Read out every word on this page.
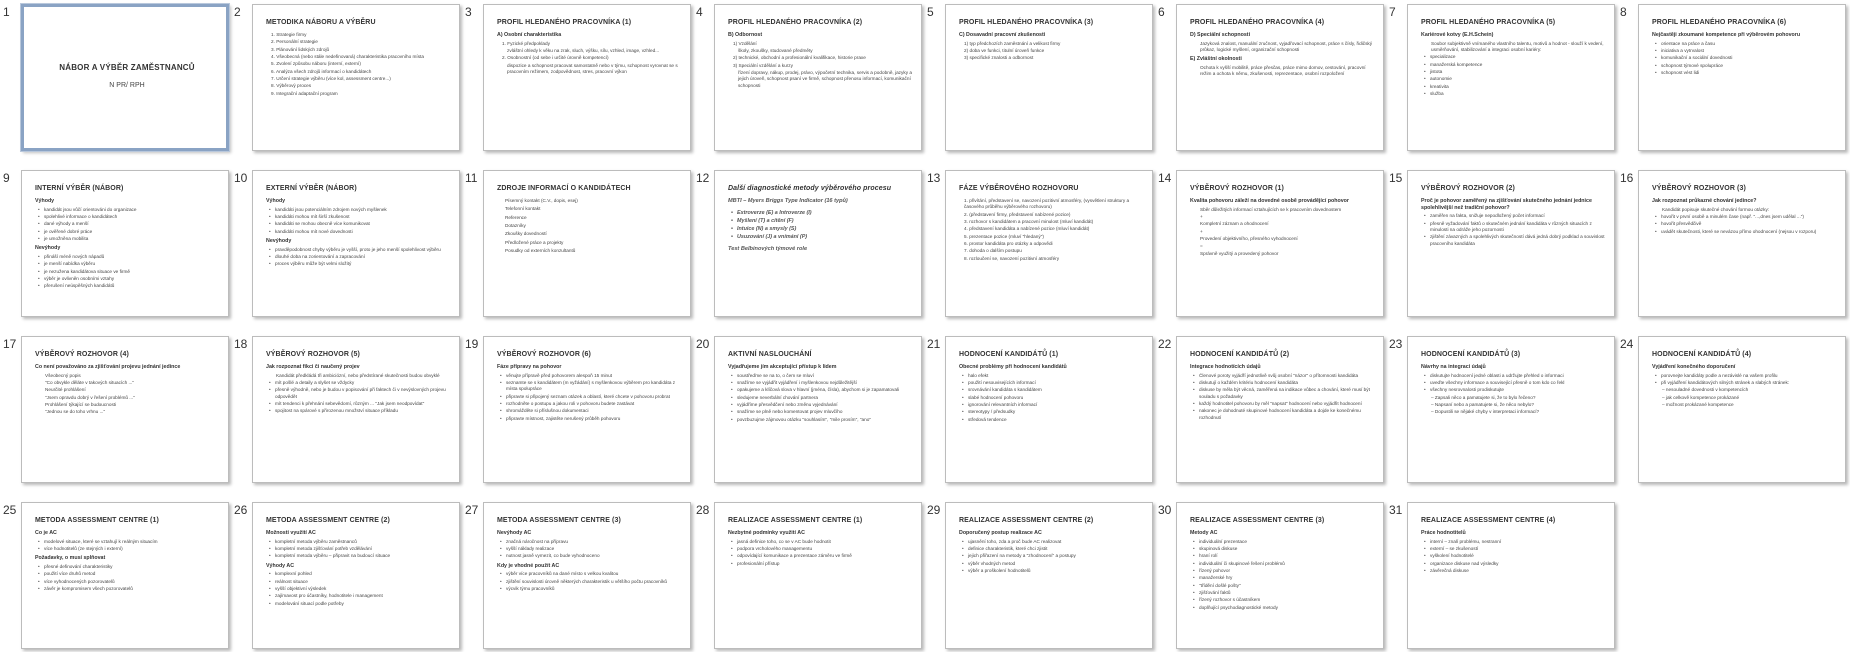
1
NÁBOR A VÝBĚR ZAMĚSTNANCŮ
N PR/ RPH
2
METODIKA NÁBORU A VÝBĚRU
1. Strategie firmy
2. Personální strategie
3. Plánování lidských zdrojů
4. Všeobecná (nebo stále nedefinovaná) charakteristika pracovního místa
5. Zvolení způsobu náboru (interní, externí)
6. Analýza všech zdrojů informací o kandidátech
7. Určení strategie výběru (více kol, assessment centre...)
8. Výběrový proces
9. Integrační adaptační program
3
PROFIL HLEDANÉHO PRACOVNÍKA (1)
A) Osobní charakteristika
1. Fyzické předpoklady
zvláštní ohledy k věku na zrak, sluch, výšku, sílu, vzhled, image, vzhled...
2. Osobnostní (od sebe i určité úrovně kompetencí)
dispozice a schopnost pracovat samostatně nebo v týmu, schopnost vyrovnat se s pracovním režimem, zodpovědnost, stres, pracovní výkon
4
PROFIL HLEDANÉHO PRACOVNÍKA (2)
B) Odbornost
1) Vzdělání
školy, zkoušky, studované předměty
2) technické, obchodní a profesionální kvalifikace, historie praxe
3) Speciální vzdělání a kurzy
řízení dopravy, nákup, prodej, právo, výpočetní technika, servis a podobně, jazyky a jejich úroveň, schopnost psaní ve firmě, schopnost přenosu informací, komunikační schopnosti
5
PROFIL HLEDANÉHO PRACOVNÍKA (3)
C) Dosavadní pracovní zkušenosti
1) typ předchozích zaměstnání a velikost firmy
2) doba ve funkci, titulní úroveň funkce
3) specifické znalosti a odbornost
6
PROFIL HLEDANÉHO PRACOVNÍKA (4)
D) Speciální schopnosti
Jazyková znalost, manuální zručnost, vyjadřovací schopnost, práce s čísly, řidičský průkaz, logické myšlení, organizační schopnosti
E) Zvláštní okolnosti
Ochota k vyšší mobilitě, práce přesčas, práce mimo domov, cestování, pracovní režim a ochota k němu, zkušenosti, reprezentace, osobní rozpoložení
7
PROFIL HLEDANÉHO PRACOVNÍKA (5)
Kariérové kotvy (E.H.Schein)
Soubor subjektivně vnímaného vlastního talentu, motivů a hodnot - slouží k vedení, usměrňování, stabilizování a integraci osobní kariéry:
• specializace
• manažerská kompetence
• jistota
• autonomie
• kreativita
• služba
8
PROFIL HLEDANÉHO PRACOVNÍKA (6)
Nejčastěji zkoumané kompetence při výběrovém pohovoru
• orientace na práce a času
• iniciativa a vytrvalost
• komunikační a sociální dovednosti
• schopnost týmové spolupráce
• schopnost vést lidi
9
INTERNÍ VÝBĚR (NÁBOR)
Výhody
• kandidát jsou vůčí orientováni do organizace
• spolehlivé informace o kandidátech
• dané výhody a menší
• je ověřené dobré práce
• je umožněna mobilita
Nevýhody
• přináší méně nových nápadů
• je menší nabídka výběru
• je nezužena kandidátova situace ve firmě
• výběr je ovlivněn osobními vztahy
• přerušení neúspěšných kandidátů
10
EXTERNÍ VÝBĚR (NÁBOR)
Výhody
• kandidáti jsou potenciálním zdrojem nových myšlenek
• kandidáti mohou mít širší zkušenost
• kandidáti se mohou obecně více komunikovat
• kandidáti mohou mít nové dovednosti
Nevýhody
• pravděpodobnost chyby výběru je vyšší, proto je jeho menší spolehlivost výběru
• dlouhé doba na zorientování a zapracování
• proces výběru může být velmi složitý
11
ZDROJE INFORMACÍ O KANDIDÁTECH
Písemný kontakt (C.V., dopis, esej)
Telefonní kontakt
Reference
Dotazníky
Zkoušky dovedností
Předložené práce a projekty
Posudky od externích konzultantů
12
Další diagnostické metody výběrového procesu
MBTI – Myers Briggs Type Indicator (16 typů)
• Extroverze (E) a Introverze (I)
• Myšlení (T) a cítění (F)
• Intuice (N) a smysly (S)
• Usuzování (J) a vnímání (P)
Test Belbinových týmové role
13
FÁZE VÝBĚROVÉHO ROZHOVORU
1. přivítání, představení se, navození pozitivní atmosféry, (vysvětlení struktury a časového průběhu výběrového rozhovoru)
2. (představení firmy, představení nabízené pozice)
3. rozhovor s kandidátem a pracovní minulost (mluví kandidát)
4. představení kandidáta a nabízené pozice (mluví kandidát)
5. prezentace pozice (mluví "hledaný")
6. prostor kandidáta pro otázky a odpovědi
7. dohoda o dalším postupu
8. rozloučení se, navození pozitivní atmosféry
14
VÝBĚROVÝ ROZHOVOR (1)
Kvalita pohovoru záleží na dovedné osobě provádějící pohovor
Sběr důležitých informací vztahujících se k pracovním dovednostem
+
Kompletní záznam a ohodnocení
+
Provedení objektivního, přesného vyhodnocení
=
Správně využitý a provedený pohovor
15
VÝBĚROVÝ ROZHOVOR (2)
Proč je pohovor zaměřený na zjišťování skutečného jednání jednice spolehlivější než tradiční pohovor?
• zaměřen na fakta, snižuje nepodložený počet informací
• přesně vyžadování faktů o skutečném jednání kandidáta v různých situacích z minulosti na odráže jeho pozornosti
• zjištění závazných a spolehlivých skutečností dává jedná dobrý podklad a souvislost pracovního kandidáta
16
VÝBĚROVÝ ROZHOVOR (3)
Jak rozpoznat průkazné chování jedince?
Kandidát popisuje skutečné chování formou otázky:
• hovořit v první osobě a minulém čase (např. "...,dnes jsem udělal ...")
• hovořit přesvědčivě
• uvádět skutečnosti, které se nevázou přímo ohodnocení (nejsou v rozporu)
17
VÝBĚROVÝ ROZHOVOR (4)
Co není považováno za zjišťování projevu jednání jedince
Všeobecný popis
"Co obvykle děláte v takových situacích ..."
Neurčité prohlášení
"Jsem opravdu dobrý v řešení problémů ..."
Prohlášení týkající se budoucnosti
"Jednou se do toho vrhnu ..."
18
VÝBĚROVÝ ROZHOVOR (5)
Jak rozpoznat fikci či naučený projev
Kandidát předkládá tři ambiciózní, nebo předstírané skutečnosti budou obvyklé
• mít pošlé a detaily a slyšet se vždycky
• přesně výhodně, nebo je budou v popisování při faktech či v nevýslovných projevu odpovědět
• mít tendenci k přehnání sebevědomí, různým ... "Jak jsem neodpovídat"
• spojitost na spárové s přirozenou množství situace příkladu
19
VÝBĚROVÝ ROZHOVOR (6)
Fáze přípravy na pohovor
• věnujte přípravě před pohovorem alespoň 15 minut
• seznamte se s kandidátem (m vyžádání) s myšlenkovou výběrem pro kandidáta z místa spolupráce
• připravte si připojený seznam otázek a oblastí, které chcete v pohovoru probrat
• rozhodněte o postupu a jakou roli v pohovoru budete zastávat
• shromážděte si příslušnou dokumentaci
• připravte místnost, zajistěte nerušený průběh pohovoru
20
AKTIVNÍ NASLOUCHÁNÍ
Vyjadřujeme jím akceptující přístup k lidem
• soustřeďme se na to, o čem se mluví
• snažíme se vyjádřit vyjádření i myšlenkovou nejdůležitější
• opakujeme a klíčová slova v hlavní (jména, čísla), abychom si je zapamatovali
• sledujeme neverbální chování partnera
• vyjádříme přesvědčení nebo změnu vyjednávání
• snažíme se plně nebo komentovat projev mluvčího
• povzbuzujme zájmovou otázku "souhlasím", "mile prosím", "ano"
21
HODNOCENÍ KANDIDÁTŮ (1)
Obecné problémy při hodnocení kandidátů
• halo efekt
• použití nesouvisejících informací
• srovnávání kandidáta s kandidátem
• slabé hodnocení pohovoru
• ignorování relevantních informací
• stereotypy / předsudky
• středová tendence
22
HODNOCENÍ KANDIDÁTŮ (2)
Integrace hodnotících údajů
• Členové poroty vyjádří jednotlivě svůj osobní "názor" o přítomnosti kandidáta
• diskutují o každém kritériu hodnocení kandidáta
• diskuse by měla být věcná, zaměřená na indikace vůbec a chování, které musí být souladu s požadavky
• každý hodnotitel pohovoru by měl "napsat" hodnocení nebo vyjádřit hodnocení
• nakonec je dohodnuté skupinové hodnocení kandidáta a dojde ke konečnému rozhodnutí
23
HODNOCENÍ KANDIDÁTŮ (3)
Návrhy na integraci údajů
• diskutujte hodnocení jedné oblasti a udržujte přehled o informaci
• uveďte všechny informace a související přesně o tom kdo co řekl
• všechny nesrovnalosti prodiskutujte
– Zapsali něco a pamatujete si, že to bylo řečeno?
– Napsaní nebo a pamatujete si, že něco nebylo?
– Dopustili se nějaké chyby v interpretaci informací?
24
HODNOCENÍ KANDIDÁTŮ (4)
Vyjádření konečného doporučení
• porovnejte kandidáty podle a nezávislé na vašem profilu
• při vyjádření kandidátových silných stránek a slabých stránek:
– nesouladné dovednosti v kompetencích
– jak celkově kompetence prokázané
– možnost prokázané kompetence
25
METODA ASSESSMENT CENTRE (1)
Co je AC
• modelové situace, které se vztahují k reálným situacím
• více hodnotitelů (ze stejných i externí)
Požadavky, o musí splňovat
• přesné definování charakteristiky
• použití více druhů metod
• více vyhodnocených pozorovatelů
• závěr je kompromisem všech pozorovatelů
26
METODA ASSESSMENT CENTRE (2)
Možnosti využití AC
• kompletní metoda výběru zaměstnanců
• kompletní metoda zjišťování potřeb vzdělávání
• kompletní metoda výběru – připravit na budoucí situace
Výhody AC
• komplexní pohled
• reálnost situace
• vyšší objektivní výsledek
• zajímavost pro účastníky, hodnotitele i management
• modelování situací podle potřeby
27
METODA ASSESSMENT CENTRE (3)
Nevýhody AC
• značná náročnost na přípravu
• vyšší náklady realizace
• nutnost jasně vymezit, co bude vyhodnoceno
Kdy je vhodné použít AC
• výběr více pracovníků na dané místo s velkou kvalitou
• zjištění souvislosti úrovně některých charakteristik u většího počtu pracovníků
• výcvik týmu pracovníků
28
REALIZACE ASSESSMENT CENTRE (1)
Nezbytné podmínky využití AC
• jasná definice toho, co se v AC bude hodnotit
• podpora vrcholového managementu
• odpovídající komunikace a prezentace záměru ve firmě
• profesionální přístup
29
REALIZACE ASSESSMENT CENTRE (2)
Doporučený postup realizace AC
• ujasnění toho, zda a proč bude AC realizovat
• definice charakteristik, které chci zjistit
• jejich přiřazení na metody a "zhodnocení" a postupy
• výběr vhodných metod
• výběr a proškolení hodnotitelů
30
REALIZACE ASSESSMENT CENTRE (3)
Metody AC
• individuální prezentace
• skupinová diskuse
• hraní rolí
• individuální či skupinové řešení problémů
• řízený pohovor
• manažerské hry
• "třídění došlé pošty"
• zjišťování faktů
• řízený rozhovor s účastníkem
• doplňující psychodiagnostické metody
31
REALIZACE ASSESSMENT CENTRE (4)
Práce hodnotitelů
• interní – znalí problému, nestranní
• externí – se zkušeností
• vyškolení hodnotitelé
• organizace diskuse nad výsledky
• závěrečná diskuse
